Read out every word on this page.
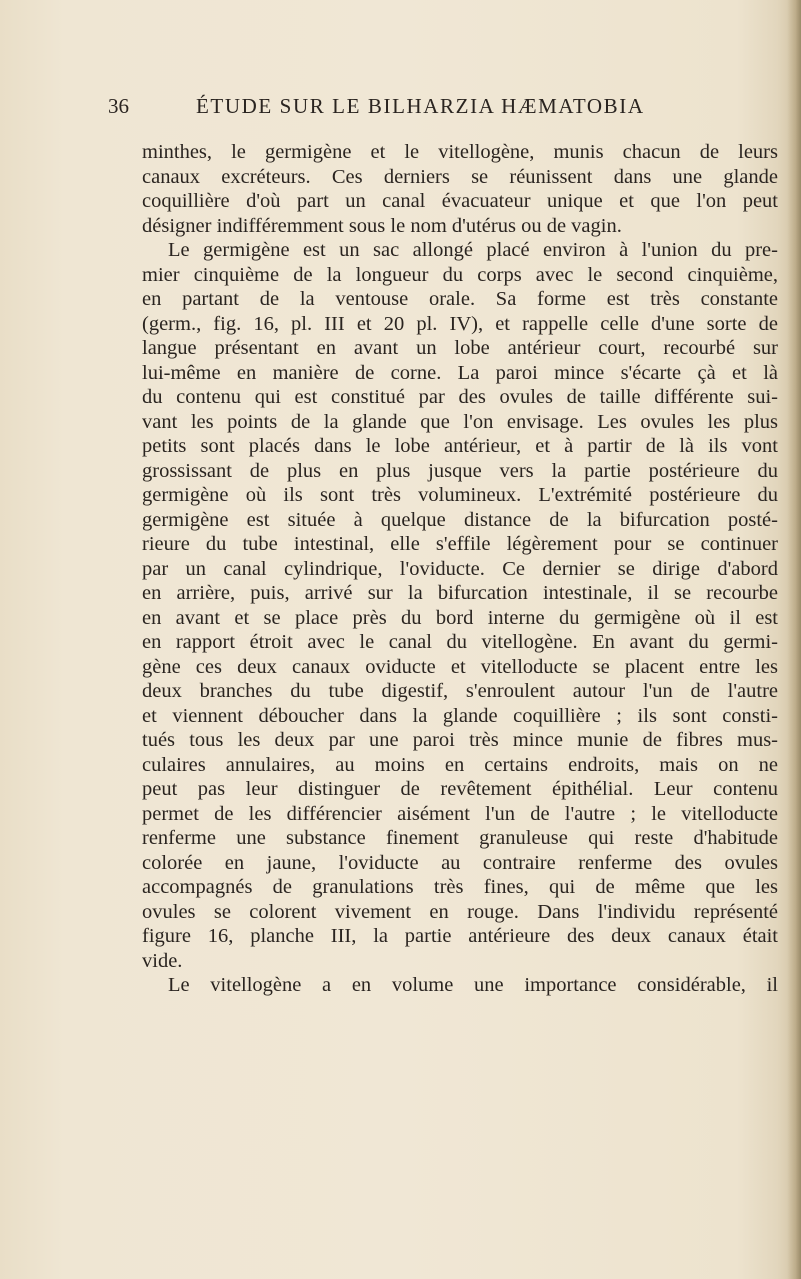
36	ÉTUDE SUR LE BILHARZIA HÆMATOBIA
minthes, le germigène et le vitellogène, munis chacun de leurs
canaux excréteurs. Ces derniers se réunissent dans une glande
coquillière d'où part un canal évacuateur unique et que l'on peut
désigner indifféremment sous le nom d'utérus ou de vagin.
Le germigène est un sac allongé placé environ à l'union du pre-
mier cinquième de la longueur du corps avec le second cinquième,
en partant de la ventouse orale. Sa forme est très constante
(germ., fig. 16, pl. III et 20 pl. IV), et rappelle celle d'une sorte de
langue présentant en avant un lobe antérieur court, recourbé sur
lui-même en manière de corne. La paroi mince s'écarte çà et là
du contenu qui est constitué par des ovules de taille différente sui-
vant les points de la glande que l'on envisage. Les ovules les plus
petits sont placés dans le lobe antérieur, et à partir de là ils vont
grossissant de plus en plus jusque vers la partie postérieure du
germigène où ils sont très volumineux. L'extrémité postérieure du
germigène est située à quelque distance de la bifurcation posté-
rieure du tube intestinal, elle s'effile légèrement pour se continuer
par un canal cylindrique, l'oviducte. Ce dernier se dirige d'abord
en arrière, puis, arrivé sur la bifurcation intestinale, il se recourbe
en avant et se place près du bord interne du germigène où il est
en rapport étroit avec le canal du vitellogène. En avant du germi-
gène ces deux canaux oviducte et vitelloducte se placent entre les
deux branches du tube digestif, s'enroulent autour l'un de l'autre
et viennent déboucher dans la glande coquillière ; ils sont consti-
tués tous les deux par une paroi très mince munie de fibres mus-
culaires annulaires, au moins en certains endroits, mais on ne
peut pas leur distinguer de revêtement épithélial. Leur contenu
permet de les différencier aisément l'un de l'autre ; le vitelloducte
renferme une substance finement granuleuse qui reste d'habitude
colorée en jaune, l'oviducte au contraire renferme des ovules
accompagnés de granulations très fines, qui de même que les
ovules se colorent vivement en rouge. Dans l'individu représenté
figure 16, planche III, la partie antérieure des deux canaux était
vide.
Le vitellogène a en volume une importance considérable, il
